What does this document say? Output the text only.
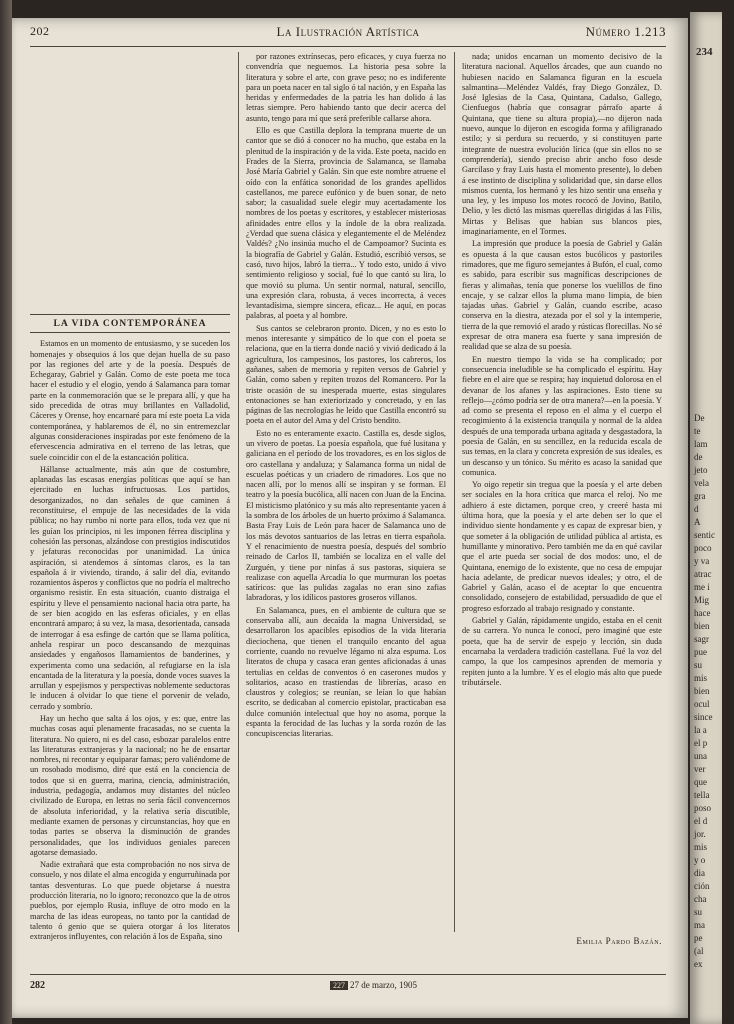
234
De
te
lam
de
jeto
vela
gra
d
A
sentic
poco
y va
atrac
me i
Mig
hace
bien
sagr
pue
su
mis
bien
ocul
since
la a
el p
una
ver
que
tella
poso
el d
jor.
mis
y o
dia
ción
cha
su
ma
pe
(al
ex
202	La Ilustración Artística	Número 1.213
LA VIDA CONTEMPORÁNEA

Estamos en un momento de entusiasmo, y se suceden los homenajes y obsequios á los que dejan huella de su paso por las regiones del arte y de la poesía. Después de Echegaray, Gabriel y Galán. Como de este poeta me toca hacer el estudio y el elogio, yendo á Salamanca para tomar parte en la conmemoración que se le prepara allí, y que ha sido precedida de otras muy brillantes en Valladolid, Cáceres y Orense, hoy encarnaré para mí este poeta La vida contemporánea, y hablaremos de él, no sin entremezclar algunas consideraciones inspiradas por este fenómeno de la efervescencia admirativa en el terreno de las letras, que suele coincidir con el de la estancación política.

Hállanse actualmente, más aún que de costumbre, aplanadas las escasas energías políticas que aquí se han ejercitado en luchas infructuosas. Los partidos, desorganizados, no dan señales de que caminen á reconstituirse, el empuje de las necesidades de la vida pública; no hay rumbo ni norte para ellos, toda vez que ni les guían los principios, ni les imponen férrea disciplina y cohesión las personas, alzándose con prestigios indiscutidos y jefaturas reconocidas por unanimidad. La única aspiración, si atendemos á síntomas claros, es la tan española á ir viviendo, tirando, á salir del día, evitando rozamientos ásperos y conflictos que no podría el maltrecho organismo resistir. En esta situación, cuanto distraiga el espíritu y lleve el pensamiento nacional hacia otra parte, ha de ser bien acogido en las esferas oficiales, y en ellas encontrará amparo; á su vez, la masa, desorientada, cansada de interrogar á esa esfinge de cartón que se llama política, anhela respirar un poco descansando de mezquinas ansiedades y engañosos llamamientos de banderines, y experimenta como una sedación, al refugiarse en la isla encantada de la literatura y la poesía, donde voces suaves la arrullan y espejismos y perspectivas noblemente seductoras le inducen á olvidar lo que tiene el porvenir de velado, cerrado y sombrío.

Hay un hecho que salta á los ojos, y es: que, entre las muchas cosas aquí plenamente fracasadas, no se cuenta la literatura. No quiero, ni es del caso, esbozar paralelos entre las literaturas extranjeras y la nacional; no he de ensartar nombres, ni recontar y equiparar famas; pero valiéndome de un rosobado modismo, diré que está en la conciencia de todos que si en guerra, marina, ciencia, administración, industria, pedagogía, andamos muy distantes del núcleo civilizado de Europa, en letras no sería fácil convencernos de absoluta inferioridad, y la relativa sería discutible, mediante examen de personas y circunstancias, hoy que en todas partes se observa la disminución de grandes personalidades, que los individuos geniales parecen agotarse demasiado.

Nadie extrañará que esta comprobación no nos sirva de consuelo, y nos dilate el alma encogida y engurruñinada por tantas desventuras. Lo que puede objetarse á nuestra producción literaria, no lo ignoro; reconozco que la de otros pueblos, por ejemplo Rusia, influye de otro modo en la marcha de las ideas europeas, no tanto por la cantidad de talento ó genio que se quiera otorgar á los literatos extranjeros influyentes, con relación á los de España, sino

por razones extrínsecas, pero eficaces, y cuya fuerza no convendría que neguemos. La historia pesa sobre la literatura y sobre el arte, con grave peso; no es indiferente para un poeta nacer en tal siglo ó tal nación, y en España las heridas y enfermedades de la patria les han dolido á las letras siempre. Pero habiendo tanto que decir acerca del asunto, tengo para mí que será preferible callarse ahora.

Ello es que Castilla deplora la temprana muerte de un cantor que se dió á conocer no ha mucho, que estaba en la plenitud de la inspiración y de la vida. Este poeta, nacido en Frades de la Sierra, provincia de Salamanca, se llamaba José María Gabriel y Galán. Sin que este nombre atruene el oído con la enfática sonoridad de los grandes apellidos castellanos, me parece eufónico y de buen sonar, de neto sabor; la casualidad suele elegir muy acertadamente los nombres de los poetas y escritores, y establecer misteriosas afinidades entre ellos y la índole de la obra realizada. ¿Verdad que suena clásica y elegantemente el de Meléndez Valdés? ¿No insinúa mucho el de Campoamor? Sucinta es la biografía de Gabriel y Galán. Estudió, escribió versos, se casó, tuvo hijos, labró la tierra... Y todo esto, unido á vivo sentimiento religioso y social, fué lo que cantó su lira, lo que movió su pluma. Un sentir normal, natural, sencillo, una expresión clara, robusta, á veces incorrecta, á veces levantadísima, siempre sincera, eficaz... He aquí, en pocas palabras, al poeta y al hombre.

Sus cantos se celebraron pronto. Dicen, y no es esto lo menos interesante y simpático de lo que con el poeta se relaciona, que en la tierra donde nació y vivió dedicado á la agricultura, los campesinos, los pastores, los cabreros, los gañanes, saben de memoria y repiten versos de Gabriel y Galán, como saben y repiten trozos del Romancero. Por la triste ocasión de su inesperada muerte, estas singulares entonaciones se han exteriorizado y concretado, y en las páginas de las necrologías he leído que Castilla encontró su poeta en el autor del Ama y del Cristo bendito.

Esto no es enteramente exacto. Castilla es, desde siglos, un vivero de poetas. La poesía española, que fué lusitana y galiciana en el período de los trovadores, es en los siglos de oro castellana y andaluza; y Salamanca forma un nidal de escuelas poéticas y un criadero de rimadores. Los que no nacen allí, por lo menos allí se inspiran y se forman. El teatro y la poesía bucólica, allí nacen con Juan de la Encina. El misticismo platónico y su más alto representante yacen á la sombra de los árboles de un huerto próximo á Salamanca. Basta Fray Luis de León para hacer de Salamanca uno de los más devotos santuarios de las letras en tierra española. Y el renacimiento de nuestra poesía, después del sombrío reinado de Carlos II, también se localiza en el valle del Zurguén, y tiene por ninfas á sus pastoras, siquiera se realizase con aquella Arcadia lo que murmuran los poetas satíricos: que las pulidas zagalas no eran sino zafias labradoras, y los idílicos pastores groseros villanos.

En Salamanca, pues, en el ambiente de cultura que se conservaba allí, aun decaída la magna Universidad, se desarrollaron los apacibles episodios de la vida literaria dieciochena, que tienen el tranquilo encanto del agua corriente, cuando no revuelve légamo ni alza espuma. Los literatos de chupa y casaca eran gentes aficionadas á unas tertulias en celdas de conventos ó en caserones mudos y solitarios, acaso en trastiendas de librerías, acaso en claustros y colegios; se reunían, se leían lo que habían escrito, se dedicaban al comercio epistolar, practicaban esa dulce comunión intelectual que hoy no asoma, porque la espanta la ferocidad de las luchas y la sorda rozón de las concupiscencias literarias.

nada; unidos encarnan un momento decisivo de la literatura nacional. Aquellos árcades, que aun cuando no hubiesen nacido en Salamanca figuran en la escuela salmantina—Meléndez Valdés, fray Diego González, D. José Iglesias de la Casa, Quintana, Cadalso, Gallego, Cienfuegos (habría que consagrar párrafo aparte á Quintana, que tiene su altura propia),—no dijeron nada nuevo, aunque lo dijeron en escogida forma y afiligranado estilo; y si perdura su recuerdo, y si constituyen parte integrante de nuestra evolución lírica (que sin ellos no se comprendería), siendo preciso abrir ancho foso desde Garcilaso y fray Luis hasta el momento presente), lo deben á ese instinto de disciplina y solidaridad que, sin darse ellos mismos cuenta, los hermanó y les hizo sentir una enseña y una ley, y les impuso los motes rococó de Jovino, Batilo, Delio, y les dictó las mismas querellas dirigidas á las Filis, Mirtas y Belisas que habían sus blancos pies, imaginariamente, en el Tormes.

La impresión que produce la poesía de Gabriel y Galán es opuesta á la que causan estos bucólicos y pastoriles rimadores, que me figuro semejantes á Bufón, el cual, como es sabido, para escribir sus magníficas descripciones de fieras y alimañas, tenía que ponerse los vuelillos de fino encaje, y se calzar ellos la pluma mano limpia, de bien tajadas uñas. Gabriel y Galán, cuando escribe, acaso conserva en la diestra, atezada por el sol y la intemperie, tierra de la que removió el arado y rústicas florecillas. No sé expresar de otra manera esa fuerte y sana impresión de realidad que se alza de su poesía.

En nuestro tiempo la vida se ha complicado; por consecuencia ineludible se ha complicado el espíritu. Hay fiebre en el aire que se respira; hay inquietud dolorosa en el devanar de los afanes y las aspiraciones. Esto tiene su reflejo—¿cómo podría ser de otra manera?—en la poesía. Y ad como se presenta el reposo en el alma y el cuerpo el recogimiento á la existencia tranquila y normal de la aldea después de una temporada urbana agitada y desgastadora, la poesía de Galán, en su sencillez, en la reducida escala de sus temas, en la clara y concreta expresión de sus ideales, es un descanso y un tónico. Su mérito es acaso la sanidad que comunica.

Yo oigo repetir sin tregua que la poesía y el arte deben ser sociales en la hora crítica que marca el reloj. No me adhiero á este dictamen, porque creo, y creeré hasta mi última hora, que la poesía y el arte deben ser lo que el individuo siente hondamente y es capaz de expresar bien, y que someter á la obligación de utilidad pública al artista, es humillante y minorativo. Pero también me da en qué cavilar que el arte pueda ser social de dos modos: uno, el de Quintana, enemigo de lo existente, que no cesa de empujar hacia adelante, de predicar nuevos ideales; y otro, el de Gabriel y Galán, acaso el de aceptar lo que encuentra consolidado, consejero de estabilidad, persuadido de que el progreso esforzado al trabajo resignado y constante.

Gabriel y Galán, rápidamente ungido, estaba en el cenit de su carrera. Yo nunca le conocí, pero imaginé que este poeta, que ha de servir de espejo y lección, sin duda encarnaba la verdadera tradición castellana. Fué la voz del campo, la que los campesinos aprenden de memoria y repiten junto a la lumbre. Y es el elogio más alto que puede tributársele.

Emilia Pardo Bazán.
282	227 27 de marzo, 1905
